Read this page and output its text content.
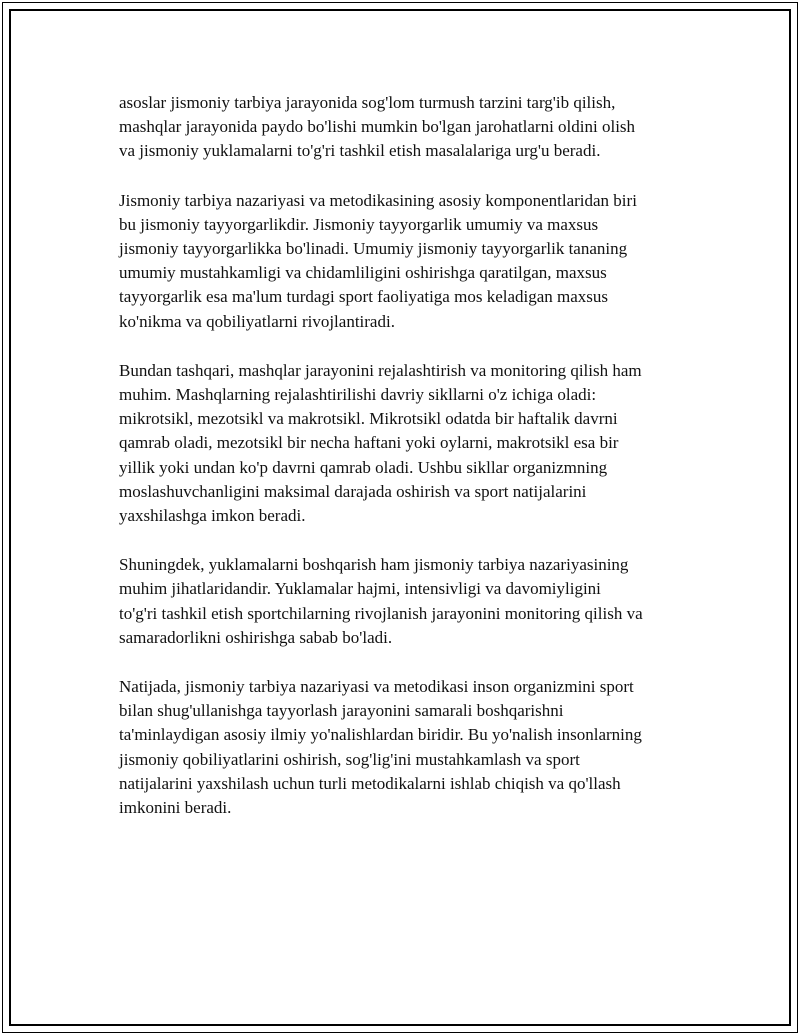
asoslar jismoniy tarbiya jarayonida sog'lom turmush tarzini targ'ib qilish,
mashqlar jarayonida paydo bo'lishi mumkin bo'lgan jarohatlarni oldini olish
va jismoniy yuklamalarni to'g'ri tashkil etish masalalariga urg'u beradi.

Jismoniy tarbiya nazariyasi va metodikasining asosiy komponentlaridan biri
bu jismoniy tayyorgarlikdir. Jismoniy tayyorgarlik umumiy va maxsus
jismoniy tayyorgarlikka bo'linadi. Umumiy jismoniy tayyorgarlik tananing
umumiy mustahkamligi va chidamliligini oshirishga qaratilgan, maxsus
tayyorgarlik esa ma'lum turdagi sport faoliyatiga mos keladigan maxsus
ko'nikma va qobiliyatlarni rivojlantiradi.

Bundan tashqari, mashqlar jarayonini rejalashtirish va monitoring qilish ham
muhim. Mashqlarning rejalashtirilishi davriy sikllarni o'z ichiga oladi:
mikrotsikl, mezotsikl va makrotsikl. Mikrotsikl odatda bir haftalik davrni
qamrab oladi, mezotsikl bir necha haftani yoki oylarni, makrotsikl esa bir
yillik yoki undan ko'p davrni qamrab oladi. Ushbu sikllar organizmning
moslashuvchanligini maksimal darajada oshirish va sport natijalarini
yaxshilashga imkon beradi.

Shuningdek, yuklamalarni boshqarish ham jismoniy tarbiya nazariyasining
muhim jihatlaridandir. Yuklamalar hajmi, intensivligi va davomiyligini
to'g'ri tashkil etish sportchilarning rivojlanish jarayonini monitoring qilish va
samaradorlikni oshirishga sabab bo'ladi.

Natijada, jismoniy tarbiya nazariyasi va metodikasi inson organizmini sport
bilan shug'ullanishga tayyorlash jarayonini samarali boshqarishni
ta'minlaydigan asosiy ilmiy yo'nalishlardan biridir. Bu yo'nalish insonlarning
jismoniy qobiliyatlarini oshirish, sog'lig'ini mustahkamlash va sport
natijalarini yaxshilash uchun turli metodikalarni ishlab chiqish va qo'llash
imkonini beradi.
